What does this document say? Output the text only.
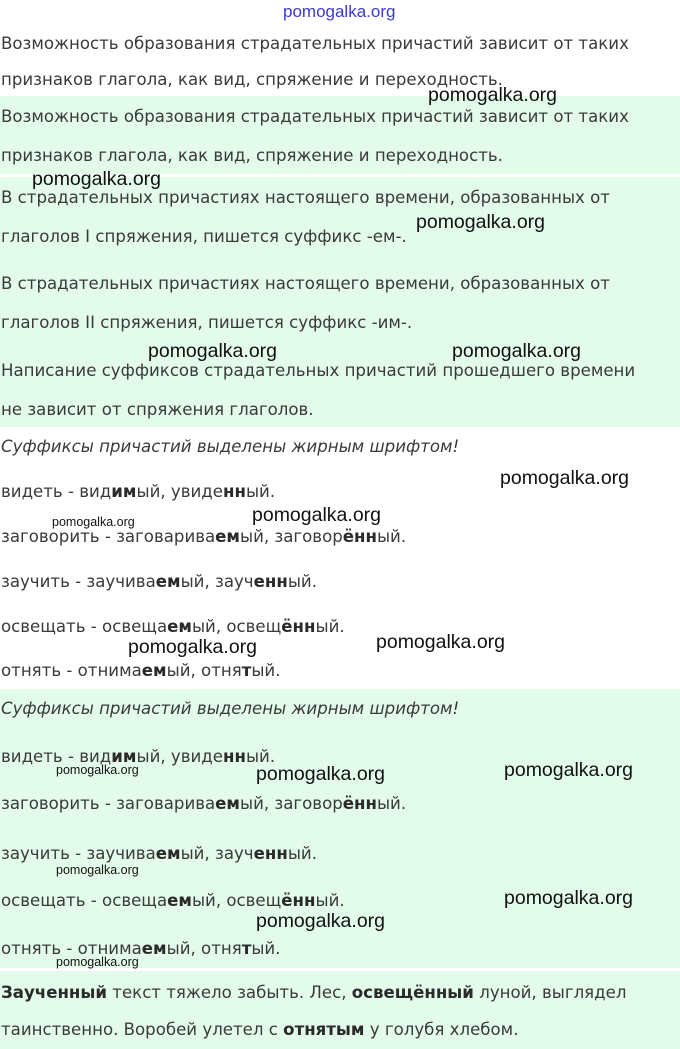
Возможность образования страдательных причастий зависит от таких
признаков глагола, как вид, спряжение и переходность.
Возможность образования страдательных причастий зависит от таких
признаков глагола, как вид, спряжение и переходность.
В страдательных причастиях настоящего времени, образованных от
глаголов I спряжения, пишется суффикс -ем-.
В страдательных причастиях настоящего времени, образованных от
глаголов II спряжения, пишется суффикс -им-.
Написание суффиксов страдательных причастий прошедшего времени
не зависит от спряжения глаголов.
Суффиксы причастий выделены жирным шрифтом!
видеть - видимый, увиденный.
заговорить - заговариваемый, заговорённый.
заучить - заучиваемый, заученный.
освещать - освещаемый, освещённый.
отнять - отнимаемый, отнятый.
Суффиксы причастий выделены жирным шрифтом!
видеть - видимый, увиденный.
заговорить - заговариваемый, заговорённый.
заучить - заучиваемый, заученный.
освещать - освещаемый, освещённый.
отнять - отнимаемый, отнятый.
Заученный текст тяжело забыть. Лес, освещённый луной, выглядел
таинственно. Воробей улетел с отнятым у голубя хлебом.
pomogalka.org
pomogalka.org
pomogalka.org
pomogalka.org
pomogalka.org	pomogalka.org
pomogalka.org
pomogalka.org
pomogalka.org
pomogalka.org	pomogalka.org
pomogalka.org	pomogalka.org	pomogalka.org
pomogalka.org
pomogalka.org
pomogalka.org
pomogalka.org
